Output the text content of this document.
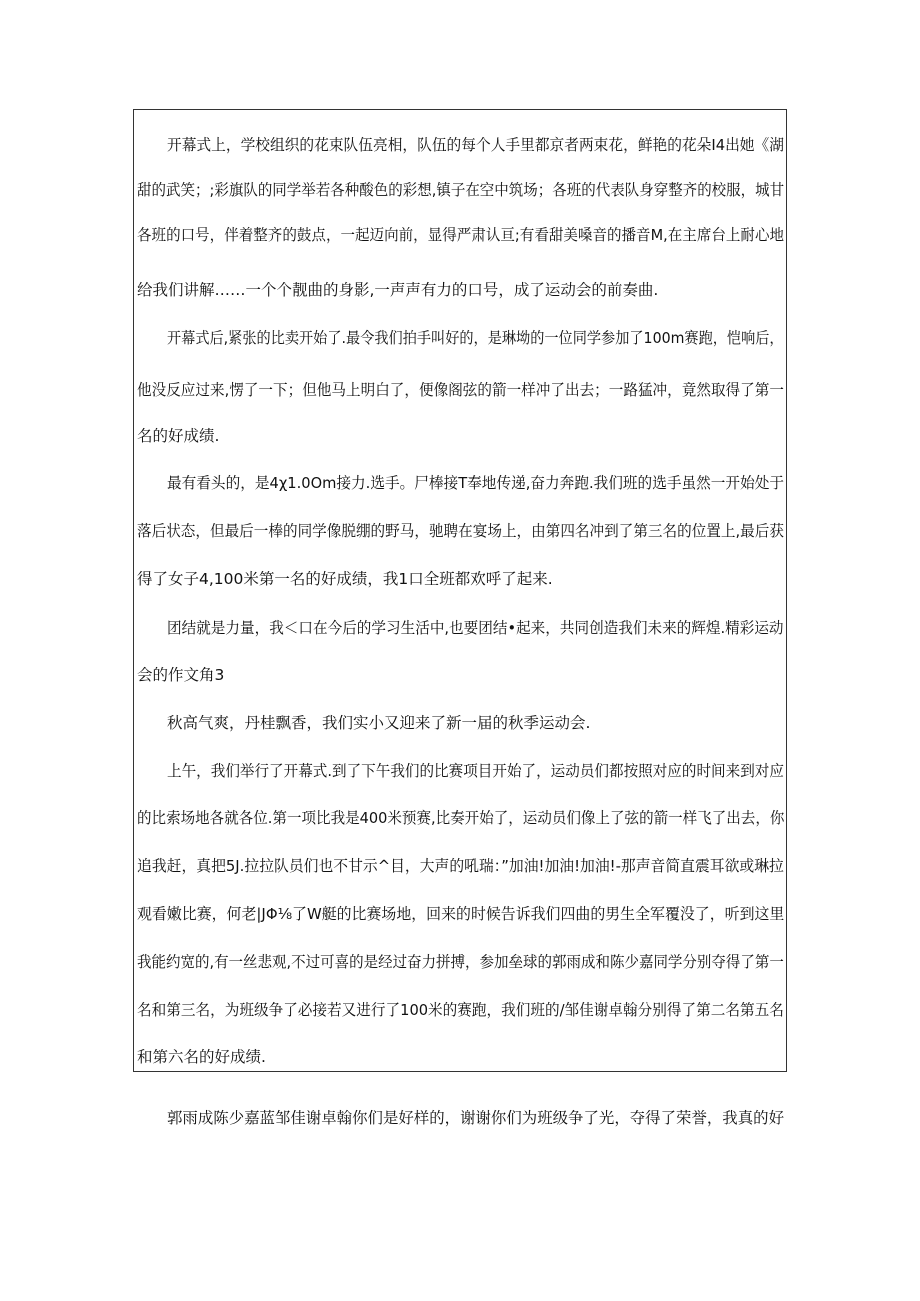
开幕式上，学校组织的花束队伍亮相，队伍的每个人手里都京者两束花，鲜艳的花朵I4出她《湖
甜的武笑；;彩旗队的同学举若各种酸色的彩想,镇子在空中筑场；各班的代表队身穿整齐的校服，城甘
各班的口号，伴着整齐的鼓点，一起迈向前，显得严肃认亘;有看甜美嗓音的播音M,在主席台上耐心地
给我们讲解……一个个靓曲的身影,一声声有力的口号，成了运动会的前奏曲.
开幕式后,紧张的比卖开始了.最令我们拍手叫好的，是琳坳的一位同学参加了100m赛跑，恺响后，
他没反应过来,愣了一下；但他马上明白了，便像阁弦的箭一样冲了出去；一路猛冲，竟然取得了第一
名的好成绩.
最有看头的，是4χ1.0Om接力.选手。尸棒接T奉地传递,奋力奔跑.我们班的选手虽然一开始处于
落后状态，但最后一棒的同学像脱绷的野马，驰聘在宴场上，由第四名冲到了第三名的位置上,最后获
得了女子4,100米第一名的好成绩，我1口全班都欢呼了起来.
团结就是力量，我＜口在今后的学习生活中,也要团结•起来，共同创造我们未来的辉煌.精彩运动
会的作文角3
秋高气爽，丹桂飘香，我们实小又迎来了新一届的秋季运动会.
上午，我们举行了开幕式.到了下午我们的比赛项目开始了，运动员们都按照对应的时间来到对应
的比索场地各就各位.第一项比我是400米预赛,比奏开始了，运动员们像上了弦的箭一样飞了出去，你
追我赶，真把5J.拉拉队员们也不甘示^目，大声的吼瑞：”加油!加油!加油!-那声音简直震耳欲或琳拉
观看嫩比赛，何老|JΦ⅛了W艇的比赛场地，回来的时候告诉我们四曲的男生全军覆没了，听到这里
我能约宽的,有一丝悲观,不过可喜的是经过奋力拼搏，参加垒球的郭雨成和陈少嘉同学分别夺得了第一
名和第三名，为班级争了必接若又进行了100米的赛跑，我们班的/邹佳谢卓翰分别得了第二名第五名
和第六名的好成绩.
郭雨成陈少嘉蓝邹佳谢卓翰你们是好样的，谢谢你们为班级争了光，夺得了荣誉，我真的好
